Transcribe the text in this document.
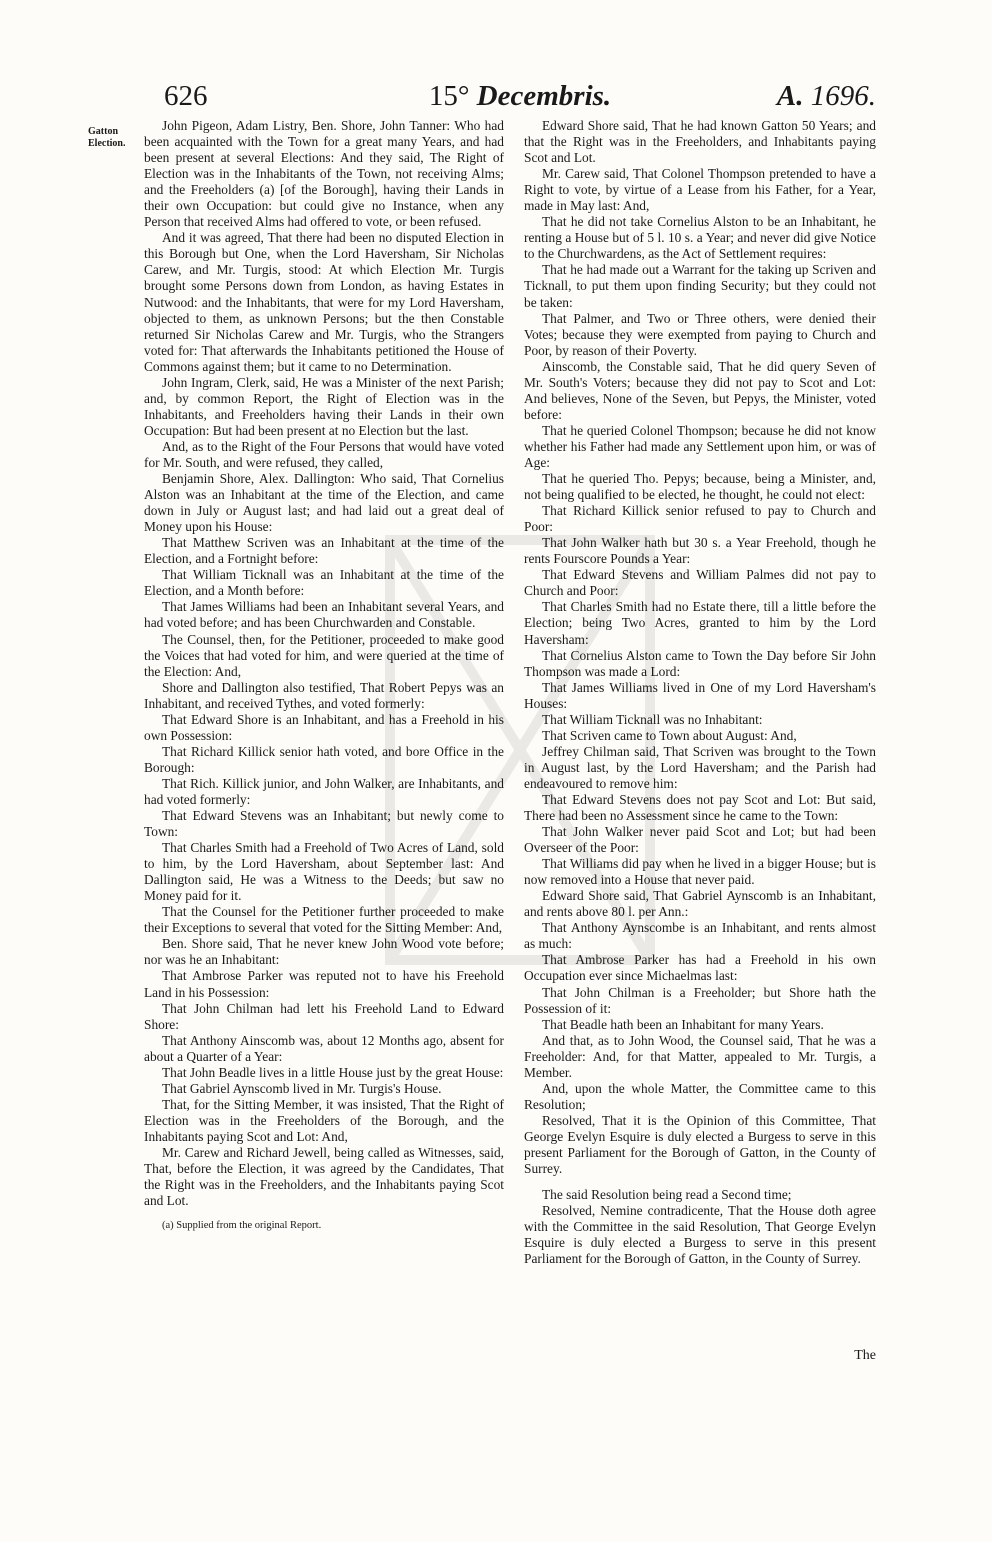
626	15° Decembris.	A. 1696.
Gatton Election.

John Pigeon, Adam Listry, Ben. Shore, John Tanner: Who had been acquainted with the Town for a great many Years, and had been present at several Elections: And they said, The Right of Election was in the Inhabitants of the Town, not receiving Alms; and the Freeholders (a) [of the Borough], having their Lands in their own Occupation: but could give no Instance, when any Person that received Alms had offered to vote, or been refused.

And it was agreed, That there had been no disputed Election in this Borough but One, when the Lord Haversham, Sir Nicholas Carew, and Mr. Turgis, stood: At which Election Mr. Turgis brought some Persons down from London, as having Estates in Nutwood: and the Inhabitants, that were for my Lord Haversham, objected to them, as unknown Persons; but the then Constable returned Sir Nicholas Carew and Mr. Turgis, who the Strangers voted for: That afterwards the Inhabitants petitioned the House of Commons against them; but it came to no Determination.

John Ingram, Clerk, said, He was a Minister of the next Parish; and, by common Report, the Right of Election was in the Inhabitants, and Freeholders having their Lands in their own Occupation: But had been present at no Election but the last.

And, as to the Right of the Four Persons that would have voted for Mr. South, and were refused, they called,

Benjamin Shore, Alex. Dallington: Who said, That Cornelius Alston was an Inhabitant at the time of the Election, and came down in July or August last; and had laid out a great deal of Money upon his House:

That Matthew Scriven was an Inhabitant at the time of the Election, and a Fortnight before:

That William Ticknall was an Inhabitant at the time of the Election, and a Month before:

That James Williams had been an Inhabitant several Years, and had voted before; and has been Churchwarden and Constable.

The Counsel, then, for the Petitioner, proceeded to make good the Voices that had voted for him, and were queried at the time of the Election: And,

Shore and Dallington also testified, That Robert Pepys was an Inhabitant, and received Tythes, and voted formerly:

That Edward Shore is an Inhabitant, and has a Freehold in his own Possession:

That Richard Killick senior hath voted, and bore Office in the Borough:

That Rich. Killick junior, and John Walker, are Inhabitants, and had voted formerly:

That Edward Stevens was an Inhabitant; but newly come to Town:

That Charles Smith had a Freehold of Two Acres of Land, sold to him, by the Lord Haversham, about September last: And Dallington said, He was a Witness to the Deeds; but saw no Money paid for it.

That the Counsel for the Petitioner further proceeded to make their Exceptions to several that voted for the Sitting Member: And,

Ben. Shore said, That he never knew John Wood vote before; nor was he an Inhabitant:

That Ambrose Parker was reputed not to have his Freehold Land in his Possession:

That John Chilman had lett his Freehold Land to Edward Shore:

That Anthony Ainscomb was, about 12 Months ago, absent for about a Quarter of a Year:

That John Beadle lives in a little House just by the great House:

That Gabriel Aynscomb lived in Mr. Turgis's House.

That, for the Sitting Member, it was insisted, That the Right of Election was in the Freeholders of the Borough, and the Inhabitants paying Scot and Lot: And,

Mr. Carew and Richard Jewell, being called as Witnesses, said, That, before the Election, it was agreed by the Candidates, That the Right was in the Freeholders, and the Inhabitants paying Scot and Lot.

(a) Supplied from the original Report.

Edward Shore said, That he had known Gatton 50 Years; and that the Right was in the Freeholders, and Inhabitants paying Scot and Lot.

Mr. Carew said, That Colonel Thompson pretended to have a Right to vote, by virtue of a Lease from his Father, for a Year, made in May last: And,

That he did not take Cornelius Alston to be an Inhabitant, he renting a House but of 5 l. 10 s. a Year; and never did give Notice to the Churchwardens, as the Act of Settlement requires:

That he had made out a Warrant for the taking up Scriven and Ticknall, to put them upon finding Security; but they could not be taken:

That Palmer, and Two or Three others, were denied their Votes; because they were exempted from paying to Church and Poor, by reason of their Poverty.

Ainscomb, the Constable said, That he did query Seven of Mr. South's Voters; because they did not pay to Scot and Lot: And believes, None of the Seven, but Pepys, the Minister, voted before:

That he queried Colonel Thompson; because he did not know whether his Father had made any Settlement upon him, or was of Age:

That he queried Tho. Pepys; because, being a Minister, and, not being qualified to be elected, he thought, he could not elect:

That Richard Killick senior refused to pay to Church and Poor:

That John Walker hath but 30 s. a Year Freehold, though he rents Fourscore Pounds a Year:

That Edward Stevens and William Palmes did not pay to Church and Poor:

That Charles Smith had no Estate there, till a little before the Election; being Two Acres, granted to him by the Lord Haversham:

That Cornelius Alston came to Town the Day before Sir John Thompson was made a Lord:

That James Williams lived in One of my Lord Haversham's Houses:

That William Ticknall was no Inhabitant:

That Scriven came to Town about August: And,

Jeffrey Chilman said, That Scriven was brought to the Town in August last, by the Lord Haversham; and the Parish had endeavoured to remove him:

That Edward Stevens does not pay Scot and Lot: But said, There had been no Assessment since he came to the Town:

That John Walker never paid Scot and Lot; but had been Overseer of the Poor:

That Williams did pay when he lived in a bigger House; but is now removed into a House that never paid.

Edward Shore said, That Gabriel Aynscomb is an Inhabitant, and rents above 80 l. per Ann.:

That Anthony Aynscombe is an Inhabitant, and rents almost as much:

That Ambrose Parker has had a Freehold in his own Occupation ever since Michaelmas last:

That John Chilman is a Freeholder; but Shore hath the Possession of it:

That Beadle hath been an Inhabitant for many Years.

And that, as to John Wood, the Counsel said, That he was a Freeholder: And, for that Matter, appealed to Mr. Turgis, a Member.

And, upon the whole Matter, the Committee came to this Resolution;

Resolved, That it is the Opinion of this Committee, That George Evelyn Esquire is duly elected a Burgess to serve in this present Parliament for the Borough of Gatton, in the County of Surrey.

The said Resolution being read a Second time;

Resolved, Nemine contradicente, That the House doth agree with the Committee in the said Resolution, That George Evelyn Esquire is duly elected a Burgess to serve in this present Parliament for the Borough of Gatton, in the County of Surrey.

The
